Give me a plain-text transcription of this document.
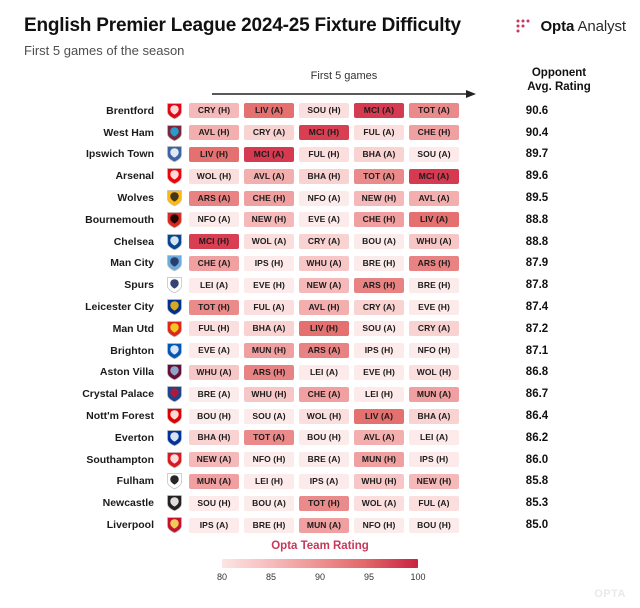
English Premier League 2024-25 Fixture Difficulty
First 5 games of the season
Opta Analyst
First 5 games	Opponent
Avg. Rating
Brentford	CRY (H)	LIV (A)	SOU (H)	MCI (A)	TOT (A)	90.6
West Ham	AVL (H)	CRY (A)	MCI (H)	FUL (A)	CHE (H)	90.4
Ipswich Town	LIV (H)	MCI (A)	FUL (H)	BHA (A)	SOU (A)	89.7
Arsenal	WOL (H)	AVL (A)	BHA (H)	TOT (A)	MCI (A)	89.6
Wolves	ARS (A)	CHE (H)	NFO (A)	NEW (H)	AVL (A)	89.5
Bournemouth	NFO (A)	NEW (H)	EVE (A)	CHE (H)	LIV (A)	88.8
Chelsea	MCI (H)	WOL (A)	CRY (A)	BOU (A)	WHU (A)	88.8
Man City	CHE (A)	IPS (H)	WHU (A)	BRE (H)	ARS (H)	87.9
Spurs	LEI (A)	EVE (H)	NEW (A)	ARS (H)	BRE (H)	87.8
Leicester City	TOT (H)	FUL (A)	AVL (H)	CRY (A)	EVE (H)	87.4
Man Utd	FUL (H)	BHA (A)	LIV (H)	SOU (A)	CRY (A)	87.2
Brighton	EVE (A)	MUN (H)	ARS (A)	IPS (H)	NFO (H)	87.1
Aston Villa	WHU (A)	ARS (H)	LEI (A)	EVE (H)	WOL (H)	86.8
Crystal Palace	BRE (A)	WHU (H)	CHE (A)	LEI (H)	MUN (A)	86.7
Nott'm Forest	BOU (H)	SOU (A)	WOL (H)	LIV (A)	BHA (A)	86.4
Everton	BHA (H)	TOT (A)	BOU (H)	AVL (A)	LEI (A)	86.2
Southampton	NEW (A)	NFO (H)	BRE (A)	MUN (H)	IPS (H)	86.0
Fulham	MUN (A)	LEI (H)	IPS (A)	WHU (H)	NEW (H)	85.8
Newcastle	SOU (H)	BOU (A)	TOT (H)	WOL (A)	FUL (A)	85.3
Liverpool	IPS (A)	BRE (H)	MUN (A)	NFO (H)	BOU (H)	85.0
Opta Team Rating
80	85	90	95	100
OPTA
